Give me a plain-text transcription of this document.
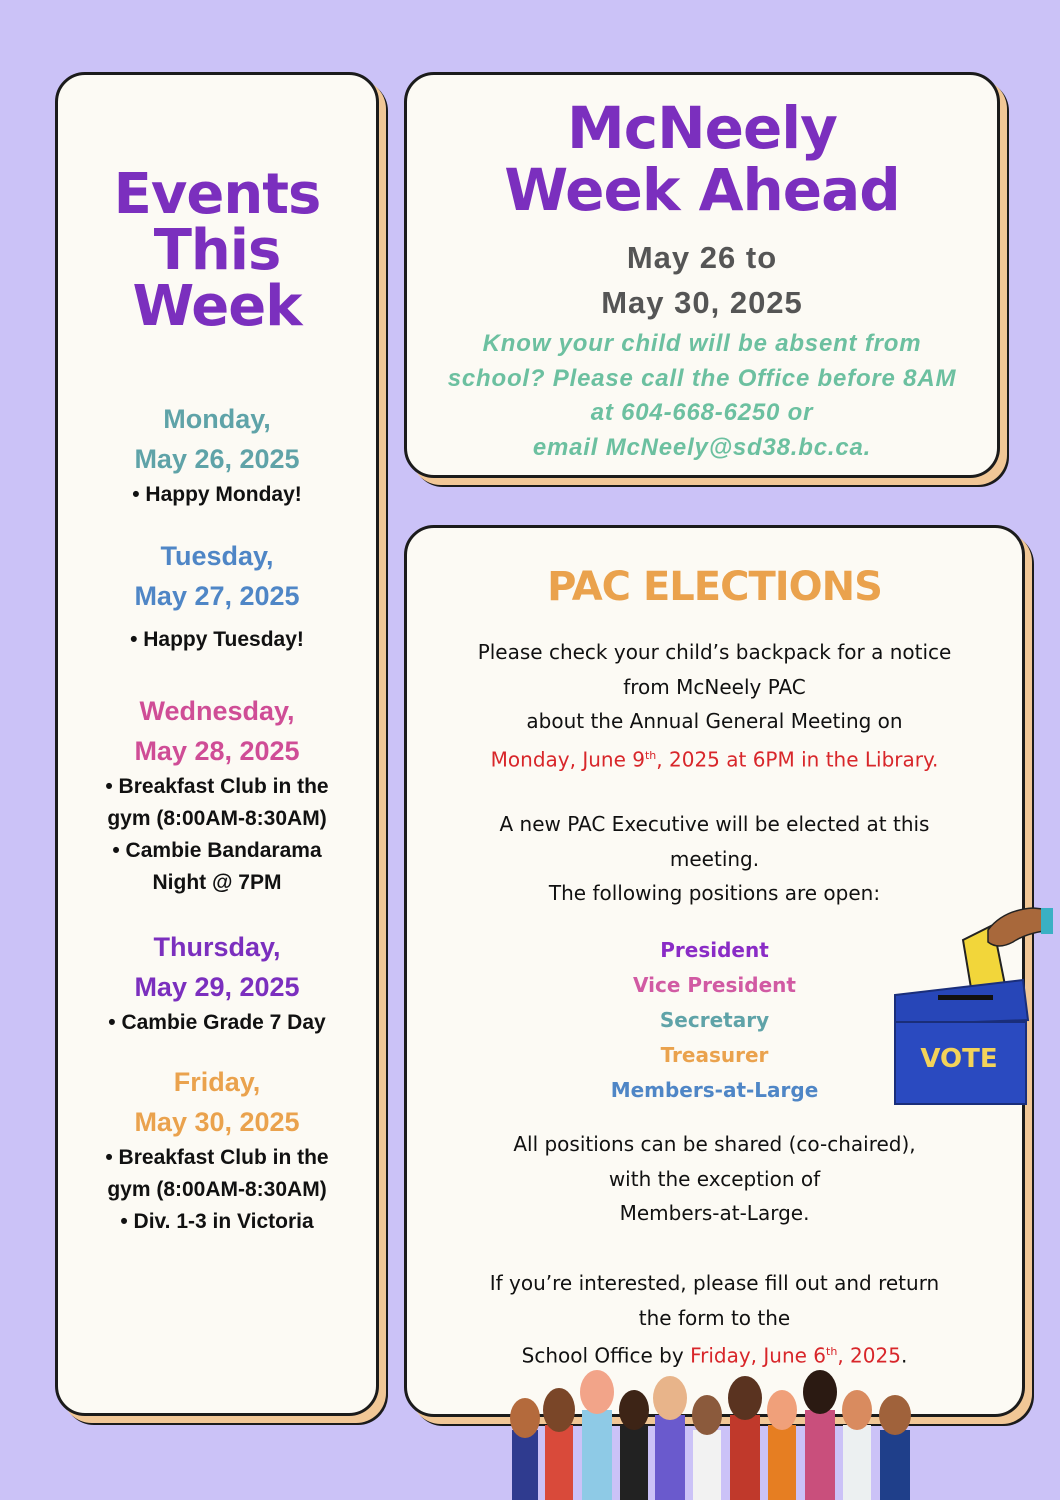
Events
This
Week
Monday,
May 26, 2025
• Happy Monday!
Tuesday,
May 27, 2025
• Happy Tuesday!
Wednesday,
May 28, 2025
• Breakfast Club in the
gym (8:00AM-8:30AM)
• Cambie Bandarama
Night @ 7PM
Thursday,
May 29, 2025
• Cambie Grade 7 Day
Friday,
May 30, 2025
• Breakfast Club in the
gym (8:00AM-8:30AM)
• Div. 1-3 in Victoria
McNeely
Week Ahead
May 26 to
May 30, 2025
Know your child will be absent from
school? Please call the Office before 8AM
at 604-668-6250 or
email McNeely@sd38.bc.ca.
PAC ELECTIONS
Please check your child’s backpack for a notice
from McNeely PAC
about the Annual General Meeting on
Monday, June 9th, 2025 at 6PM in the Library.
A new PAC Executive will be elected at this
meeting.
The following positions are open:
President
Vice President
Secretary
Treasurer
Members-at-Large
All positions can be shared (co-chaired),
with the exception of
Members-at-Large.
If you’re interested, please fill out and return
the form to the
School Office by Friday, June 6th, 2025.
VOTE
